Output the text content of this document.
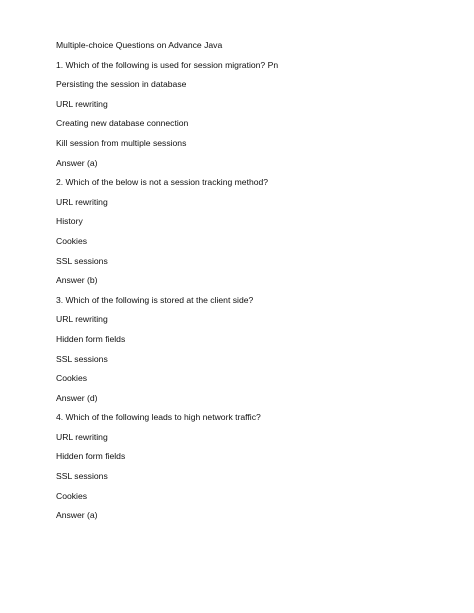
Multiple-choice Questions on Advance Java
1. Which of the following is used for session migration? Pn
Persisting the session in database
URL rewriting
Creating new database connection
Kill session from multiple sessions
Answer (a)
2. Which of the below is not a session tracking method?
URL rewriting
History
Cookies
SSL sessions
Answer (b)
3. Which of the following is stored at the client side?
URL rewriting
Hidden form fields
SSL sessions
Cookies
Answer (d)
4. Which of the following leads to high network traffic?
URL rewriting
Hidden form fields
SSL sessions
Cookies
Answer (a)
